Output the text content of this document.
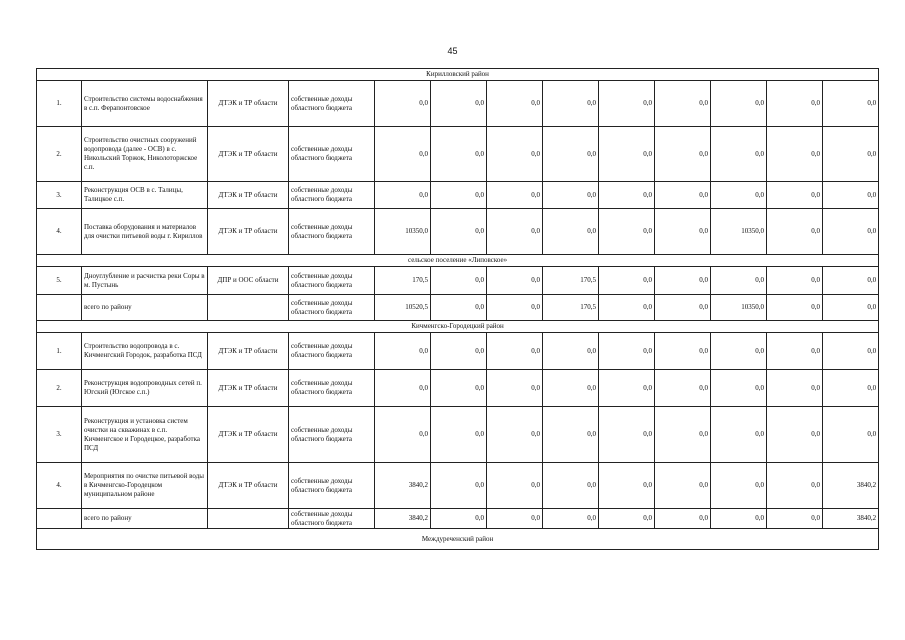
45
Кирилловский район												
1.	Строительство системы водоснабжения в с.п. Ферапонтовское	ДТЭК и ТР области	собственные доходы областного бюджета	0,0	0,0	0,0	0,0	0,0	0,0	0,0	0,0	0,0
2.	Строительство очистных сооружений водопровода (далее - ОСВ) в с. Никольский Торжок, Николоторжское с.п.	ДТЭК и ТР области	собственные доходы областного бюджета	0,0	0,0	0,0	0,0	0,0	0,0	0,0	0,0	0,0
3.	Реконструкция ОСВ в с. Талицы, Талицкое с.п.	ДТЭК и ТР области	собственные доходы областного бюджета	0,0	0,0	0,0	0,0	0,0	0,0	0,0	0,0	0,0
4.	Поставка оборудования и материалов для очистки питьевой воды г. Кириллов	ДТЭК и ТР области	собственные доходы областного бюджета	10350,0	0,0	0,0	0,0	0,0	0,0	10350,0	0,0	0,0
сельское поселение «Липовское»												
5.	Дноуглубление и расчистка реки Соры в м. Пустынь	ДПР и ООС области	собственные доходы областного бюджета	170,5	0,0	0,0	170,5	0,0	0,0	0,0	0,0	0,0
	всего по району		собственные доходы областного бюджета	10520,5	0,0	0,0	170,5	0,0	0,0	10350,0	0,0	0,0
Кичменгско-Городецкий район												
1.	Строительство водопровода в с. Кичменгский Городок, разработка ПСД	ДТЭК и ТР области	собственные доходы областного бюджета	0,0	0,0	0,0	0,0	0,0	0,0	0,0	0,0	0,0
2.	Реконструкция водопроводных сетей п. Югский (Югское с.п.)	ДТЭК и ТР области	собственные доходы областного бюджета	0,0	0,0	0,0	0,0	0,0	0,0	0,0	0,0	0,0
3.	Реконструкция и установка систем очистки на скважинах в с.п. Кичменгское и Городецкое, разработка ПСД	ДТЭК и ТР области	собственные доходы областного бюджета	0,0	0,0	0,0	0,0	0,0	0,0	0,0	0,0	0,0
4.	Мероприятия по очистке питьевой воды в Кичменгско-Городецком муниципальном районе	ДТЭК и ТР области	собственные доходы областного бюджета	3840,2	0,0	0,0	0,0	0,0	0,0	0,0	0,0	3840,2
	всего по району		собственные доходы областного бюджета	3840,2	0,0	0,0	0,0	0,0	0,0	0,0	0,0	3840,2
Междуреченский район												
